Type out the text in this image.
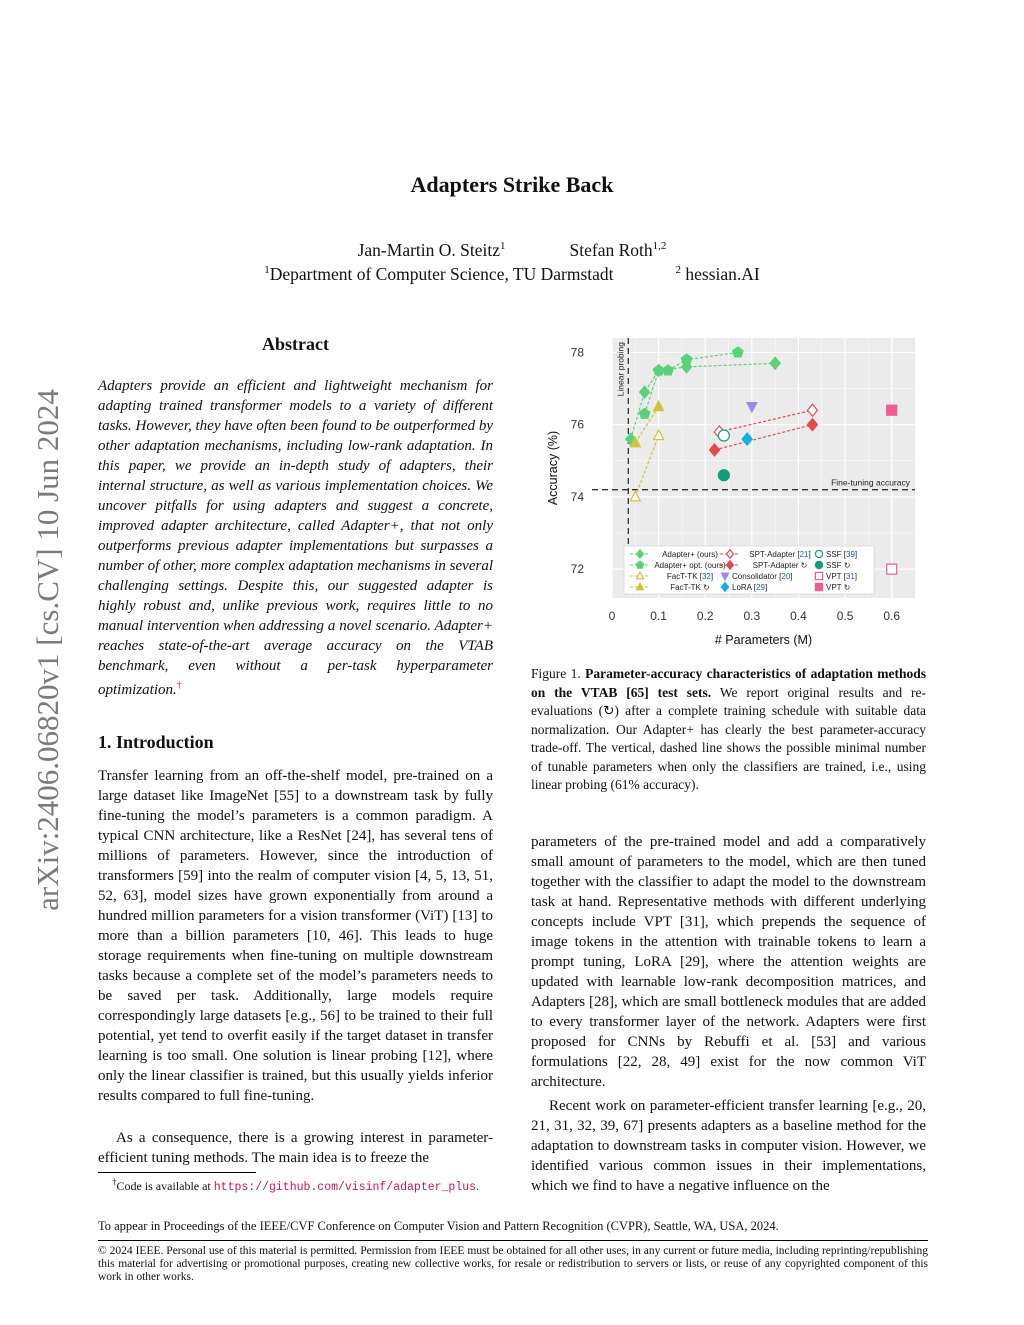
Adapters Strike Back
Jan-Martin O. Steitz$^1$	Stefan Roth$^{1,2}$
$^1$Department of Computer Science, TU Darmstadt	$^2$ hessian.AI
arXiv:2406.06820v1 [cs.CV] 10 Jun 2024
Abstract
Adapters provide an efficient and lightweight mechanism for adapting trained transformer models to a variety of different tasks. However, they have often been found to be outperformed by other adaptation mechanisms, including low-rank adaptation. In this paper, we provide an in-depth study of adapters, their internal structure, as well as various implementation choices. We uncover pitfalls for using adapters and suggest a concrete, improved adapter architecture, called Adapter+, that not only outperforms previous adapter implementations but surpasses a number of other, more complex adaptation mechanisms in several challenging settings. Despite this, our suggested adapter is highly robust and, unlike previous work, requires little to no manual intervention when addressing a novel scenario. Adapter+ reaches state-of-the-art average accuracy on the VTAB benchmark, even without a per-task hyperparameter optimization.†
1. Introduction
Transfer learning from an off-the-shelf model, pre-trained on a large dataset like ImageNet [55] to a downstream task by fully fine-tuning the model’s parameters is a common paradigm. A typical CNN architecture, like a ResNet [24], has several tens of millions of parameters. However, since the introduction of transformers [59] into the realm of computer vision [4, 5, 13, 51, 52, 63], model sizes have grown exponentially from around a hundred million parameters for a vision transformer (ViT) [13] to more than a billion parameters [10, 46]. This leads to huge storage requirements when fine-tuning on multiple downstream tasks because a complete set of the model’s parameters needs to be saved per task. Additionally, large models require correspondingly large datasets [e.g., 56] to be trained to their full potential, yet tend to overfit easily if the target dataset in transfer learning is too small. One solution is linear probing [12], where only the linear classifier is trained, but this usually yields inferior results compared to full fine-tuning.
As a consequence, there is a growing interest in parameter-efficient tuning methods. The main idea is to freeze the
†Code is available at https://github.com/visinf/adapter_plus.
0	0.1 0.2 0.3 0.4 0.5 0.6
72
74
76
78
# Parameters (M)
Accuracy (%)
Linear probing
Fine-tuning accuracy
Adapter+ (ours)
Adapter+ opt. (ours)
FacT-TK [32]
FacT-TK ↻
SPT-Adapter [21]
SPT-Adapter ↻
Consolidator [20]
LoRA [29]
SSF [39]
SSF ↻
VPT [31]
VPT ↻
Figure 1. Parameter-accuracy characteristics of adaptation methods on the VTAB [65] test sets. We report original results and re-evaluations (↻) after a complete training schedule with suitable data normalization. Our Adapter+ has clearly the best parameter-accuracy trade-off. The vertical, dashed line shows the possible minimal number of tunable parameters when only the classifiers are trained, i.e., using linear probing (61% accuracy).
parameters of the pre-trained model and add a comparatively small amount of parameters to the model, which are then tuned together with the classifier to adapt the model to the downstream task at hand. Representative methods with different underlying concepts include VPT [31], which prepends the sequence of image tokens in the attention with trainable tokens to learn a prompt tuning, LoRA [29], where the attention weights are updated with learnable low-rank decomposition matrices, and Adapters [28], which are small bottleneck modules that are added to every transformer layer of the network. Adapters were first proposed for CNNs by Rebuffi et al. [53] and various formulations [22, 28, 49] exist for the now common ViT architecture.
Recent work on parameter-efficient transfer learning [e.g., 20, 21, 31, 32, 39, 67] presents adapters as a baseline method for the adaptation to downstream tasks in computer vision. However, we identified various common issues in their implementations, which we find to have a negative influence on the
To appear in Proceedings of the IEEE/CVF Conference on Computer Vision and Pattern Recognition (CVPR), Seattle, WA, USA, 2024.
© 2024 IEEE. Personal use of this material is permitted. Permission from IEEE must be obtained for all other uses, in any current or future media, including reprinting/republishing this material for advertising or promotional purposes, creating new collective works, for resale or redistribution to servers or lists, or reuse of any copyrighted component of this work in other works.
